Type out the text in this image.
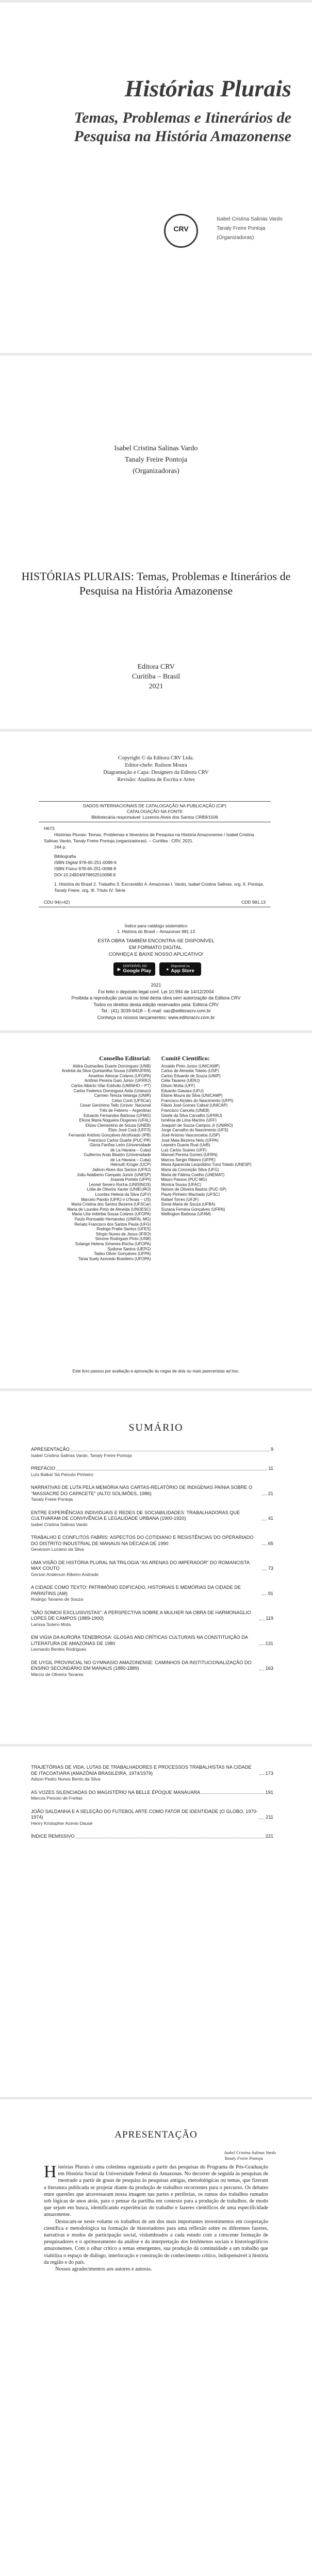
Histórias Plurais
Temas, Problemas e Itinerários de Pesquisa na História Amazonense
CRV
Isabel Cristina Salinas Vardo
Tanaly Freire Pontoja
(Organizadoras)
Isabel Cristina Salinas Vardo
Tanaly Freire Pontoja
(Organizadoras)
HISTÓRIAS PLURAIS: Temas, Problemas e Itinerários de Pesquisa na História Amazonense
Editora CRV
Curitiba – Brasil
2021
Copyright © da Editora CRV Ltda.
Editor-chefe: Railson Moura
Diagramação e Capa: Designers da Editora CRV
Revisão: Analista de Escrita e Artes
DADOS INTERNACIONAIS DE CATALOGAÇÃO NA PUBLICAÇÃO (CIP)
CATALOGAÇÃO NA FONTE
Bibliotecária responsável: Luzenira Alves dos Santos CRB9/1506
H673
Histórias Plurais: Temas, Problemas e Itinerários de Pesquisa na História Amazonense / Isabel Cristina Salinas Vardo, Tanaly Freire Pontoja (organizadoras). – Curitiba : CRV, 2021.
244 p.
Bibliografia
ISBN Digital 978-65-251-0099-6
ISBN Físico 978-65-251-0098-9
DOI 10.24824/978652510098.9
1. História do Brasil 2. Trabalho 3. Escravidão 4. Amazonas I. Vardo, Isabel Cristina Salinas. org. II. Pontoja, Tanaly Freire. org. III. Título IV. Série.
CDU 94(=42)	CDD 981.13
Índice para catálogo sistemático
1. História do Brasil – Amazonas 981.13
ESTA OBRA TAMBÉM ENCONTRA-SE DISPONÍVEL
EM FORMATO DIGITAL.
CONHEÇA E BAIXE NOSSO APLICATIVO!
▶ DISPONÍVEL NO
Google Play	●
Disponível na
App Store
2021
Foi feito o depósito legal conf. Lei 10.994 de 14/12/2004
Proibida a reprodução parcial ou total desta obra sem autorização da Editora CRV
Todos os direitos desta edição reservados pela: Editora CRV
Tel.: (41) 3039-6418 – E-mail: sac@editoracrv.com.br
Conheça os nossos lançamentos: www.editoracrv.com.br
Conselho Editorial:
Aldira Guimarães Duarte Domínguez (UNB)
Andréia da Silva Quintanilha Sousa (UNIR/UFRN)
Anselmo Alencar Colares (UFOPA)
Antônio Pereira Gaio Júnior (UFRRJ)
Carlos Alberto Vilar Estêvão (UMINHO – PT)
Carlos Federico Dominguez Avila (Unieuro)
Carmen Tereza Velanga (UNIR)
Celso Conti (UFSCar)
Cesar Gerónimo Tello (Univer .Nacional
Três de Febrero – Argentina)
Eduardo Fernandes Barbosa (UFMG)
Elione Maria Nogueira Diogenes (UFAL)
Elizeu Clementino de Souza (UNEB)
Élsio José Corá (UFFS)
Fernando Antônio Gonçalves Alcoforado (IPB)
Francisco Carlos Duarte (PUC-PR)
Gloria Fariñas León (Universidade
de La Havana – Cuba)
Guillermo Arias Beatón (Universidade
de La Havana – Cuba)
Helmuth Krüger (UCP)
Jailson Alves dos Santos (UFRJ)
João Adalberto Campato Junior (UNESP)
Josania Portela (UFPI)
Leonel Severo Rocha (UNISINOS)
Lídia de Oliveira Xavier (UNIEURO)
Lourdes Helena da Silva (UFV)
Marcelo Paixão (UFRJ e UTexas – US)
Maria Cristina dos Santos Bezerra (UFSCar)
Maria de Lourdes Pinto de Almeida (UNOESC)
Maria Lília Imbiriba Sousa Colares (UFOPA)
Paulo Romualdo Hernandes (UNIFAL-MG)
Renato Francisco dos Santos Paula (UFG)
Rodrigo Pratte-Santos (UFES)
Sérgio Nunes de Jesus (IFRO)
Simone Rodrigues Pinto (UNB)
Solange Helena Ximenes-Rocha (UFOPA)
Sydione Santos (UEPG)
Tadeu Oliver Gonçalves (UFPA)
Tania Suely Azevedo Brasileiro (UFOPA)
Comitê Científico:
Arnaldo Pinto Junior (UNICAMP)
Carlos de Almeida Toledo (USP)
Carlos Eduardo de Souza (UNIP)
Célia Tavares (UERJ)
Dilson Motta (UFF)
Eduardo Giavara (UFU)
Eliane Moura da Silva (UNICAMP)
Francisco Alcides do Nascimento (UFPI)
Flávio José Gomes Cabral (UNICAP)
Francisco Cancela (UNEB)
Gisele da Silva Carvalho (UFRRJ)
Ismênia de Lima Martins (UFF)
Joaquim de Souza Campos Jr (UNIRIO)
Jorge Carvalho do Nascimento (UFS)
José Antonio Vasconcelos (USP)
José Maia Bezerra Neto (UFPA)
Leandro Duarte Rust (UnB)
Luiz Carlos Soares (UFF)
Manoel Pereira Gomes (UFRN)
Marcos Sergio Ribeiro (UFPE)
Maria Aparecida Leopoldino Tursi Toledo (UNESP)
Maria da Conceição Silva (UFG)
Maria de Fátima Coelho (UNEMAT)
Mauro Passos (PUC-MG)
Monica Sousa (UFAC)
Nelson de Oliveira Bastos (PUC-SP)
Paulo Pinheiro Machado (UFSC)
Rafael Torres (UFJF)
Sonia Maria de Souza (UFBA)
Suzana Ferreira Gonçalves (UFRN)
Wellington Barbosa (UFAM)
Este livro passou por avaliação e aprovação às cegas de dois ou mais pareceristas ad hoc.
SUMÁRIO
APRESENTAÇÃO	9
Isabel Cristina Salinas Vardo, Tanaly Freire Pontoja
PREFÁCIO	11
Luís Balkar Sá Peixoto Pinheiro
NARRATIVAS DE LUTA PELA MEMÓRIA NAS CARTAS-RELATÓRIO DE INDIGENAS PAÍNIA SOBRE O "MASSACRE DO CAPACETE" (ALTO SOLIMÕES, 1986)	21
Tanaly Freire Pontoja
ENTRE EXPERIÊNCIAS INDIVIDUAIS E REDES DE SOCIABILIDADES: TRABALHADORAS QUE CULTIVARAM DE CONVIVÊNCIA E LEGALIDADE URBANA (1900-1920)	41
Isabel Cristina Salinas Vardo
TRABALHO E CONFLITOS FABRIS: ASPECTOS DO COTIDIANO E RESISTÊNCIAS DO OPERARIADO DO DISTRITO INDUSTRIAL DE MANAUS NA DÉCADA DE 1990	65
Geverson Luciano da Silva
UMA VISÃO DE HISTÓRIA PLURAL NA TRILOGIA "AS ARENAS DO IMPERADOR" DO ROMANCISTA MAX COUTO	73
Gerson Anderson Ribeiro Andrade
A CIDADE COMO TEXTO: PATRIMÔNIO EDIFICADO, HISTORIAIS E MEMÓRIAS DA CIDADE DE PARINTINS (AM)	91
Rodrigo Tavares de Souza
"NÃO SOMOS EXCLUSIVISTAS": A PERSPECTIVA SOBRE A MULHER NA OBRA DE HARMONAGLIO LOPES DE CAMPOS (1889-1900)	119
Larissa Sotero Mota
EM VIGIA DA AURORA TENEBROSA: GLOSAS AND CRÍTICAS CULTURAIS NA CONSTITUIÇÃO DA LITERATURA DE AMAZONAS DE 1980	131
Leonardo Bentes Rodrigues
DE UYGIL PROVINCIAL NO GYMNASIO AMAZONENSE: CAMINHOS DA INSTITUCIONALIZAÇÃO DO ENSINO SECUNDÁRIO EM MANAUS (1880-1889)	163
Márcio de Oliveira Tavares
TRAJETÓRIAS DE VIDA, LUTAS DE TRABALHADORES E PROCESSOS TRABALHISTAS NA CIDADE DE ITACOATIARA (AMAZÔNIA BRASILEIRA, 1974/1979)	173
Adson Pedro Nunes Bento da Silva
AS VOZES SILENCIADAS DO MAGISTÉRIO NA BELLE ÉPOQUE MANAUARA	191
Marcos Peixoto de Freitas
JOÃO SALDANHA E A SELEÇÃO DO FUTEBOL ARTE COMO FATOR DE IDENTIDADE (O GLOBO, 1970-1974)	211
Henry Kristopher Acevio Dausé
ÍNDICE REMISSIVO	221
APRESENTAÇÃO
Isabel Cristina Salinas Vardo
Tanaly Freire Pontoja

Histórias Plurais é uma coletânea organizada a partir das pesquisas do Programa de Pós-Graduação em História Social da Universidade Federal do Amazonas. No decorrer de seguida às pesquisas de mestrado a partir de graus de pesquisa às pesquisas antigas, metodológicas ou temas, que fizeram a literatura publicada se projetar diante da produção de trabalhos recorrentes para o percurso. Os debates entre questões que atravessaram nossa imagem nas partes e periferias, os rumos dos trabalhos rumados sob lógicas de anos atrás, para o pensar da partilha em contexto para a produção de trabalhos, de modo que sejam em busca, identificando experiências do trabalho e fazeres científicos de uma especificidade amazonense.

Destacam-se neste volume os trabalhos de um dos mais importantes investimentos em cooperação científica e metodológica na formação de historiadores para uma reflexão sobre os diferentes fazeres, narrativas e modos de participação social, vislumbrados a cada estudo com a crescente formação de pesquisadores e o aprimoramento da análise e da interpretação dos fenômenos sociais e historiográficos amazonenses. Com o olhar crítico a temas emergentes, sua produção dá continuidade a um trabalho que viabiliza o espaço de diálogo, interlocução e construção do conhecimento crítico, indispensável à história da região e do país.

Nossos agradecimentos aos autores e autoras.
